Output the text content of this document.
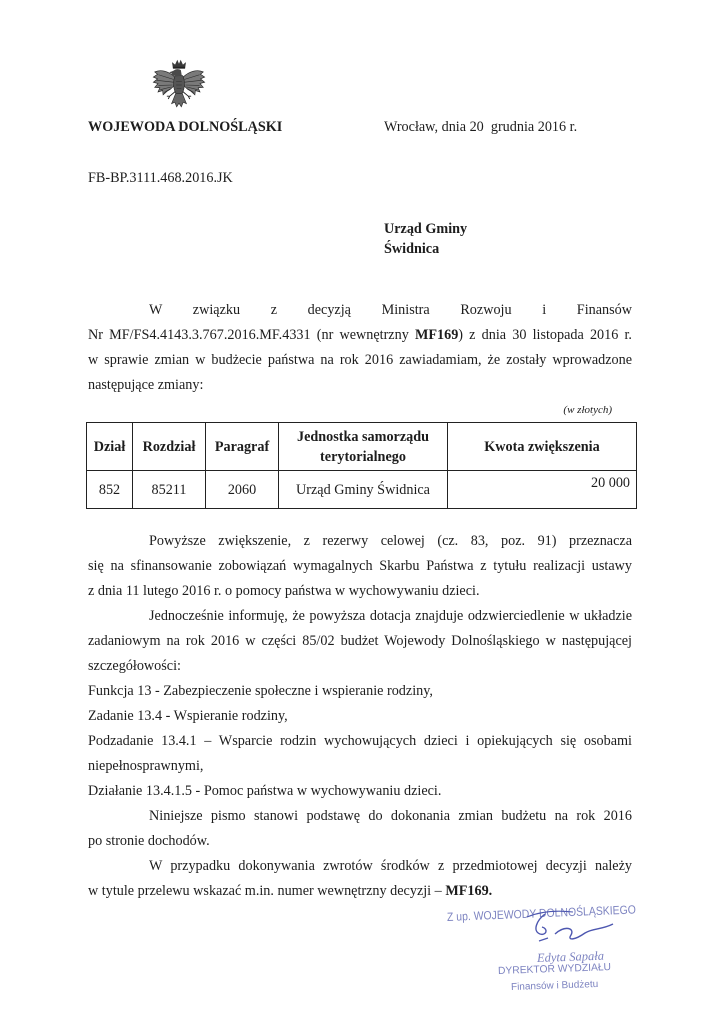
WOJEWODA DOLNOŚLĄSKI	Wrocław, dnia 20  grudnia 2016 r.
FB-BP.3111.468.2016.JK
Urząd Gminy
Świdnica
W związku z decyzją Ministra Rozwoju i Finansów
Nr MF/FS4.4143.3.767.2016.MF.4331 (nr wewnętrzny MF169) z dnia 30 listopada 2016 r.
w sprawie zmian w budżecie państwa na rok 2016 zawiadamiam, że zostały wprowadzone
następujące zmiany:
(w złotych)
Dział	Rozdział	Paragraf	Jednostka samorządu
terytorialnego	Kwota zwiększenia
852	85211	2060	Urząd Gminy Świdnica	20 000
Powyższe zwiększenie, z rezerwy celowej (cz. 83, poz. 91) przeznacza
się na sfinansowanie zobowiązań wymagalnych Skarbu Państwa z tytułu realizacji ustawy
z dnia 11 lutego 2016 r. o pomocy państwa w wychowywaniu dzieci.
Jednocześnie informuję, że powyższa dotacja znajduje odzwierciedlenie w układzie
zadaniowym na rok 2016 w części 85/02 budżet Wojewody Dolnośląskiego w następującej
szczegółowości:
Funkcja 13 - Zabezpieczenie społeczne i wspieranie rodziny,
Zadanie 13.4 - Wspieranie rodziny,
Podzadanie 13.4.1 – Wsparcie rodzin wychowujących dzieci i opiekujących się osobami
niepełnosprawnymi,
Działanie 13.4.1.5 - Pomoc państwa w wychowywaniu dzieci.
Niniejsze pismo stanowi podstawę do dokonania zmian budżetu na rok 2016
po stronie dochodów.
W przypadku dokonywania zwrotów środków z przedmiotowej decyzji należy
w tytule przelewu wskazać m.in. numer wewnętrzny decyzji – MF169.
Z up. WOJEWODY DOLNOŚLĄSKIEGO
Edyta Sapała
DYREKTOR WYDZIAŁU
Finansów i Budżetu
